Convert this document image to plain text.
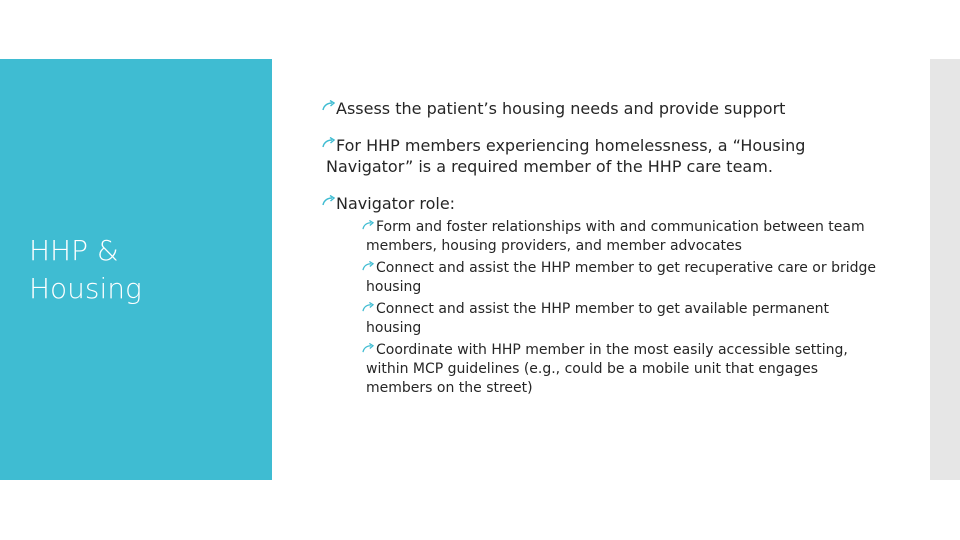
HHP &
Housing
Assess the patient’s housing needs and provide support
For HHP members experiencing homelessness, a “Housing Navigator” is a required member of the HHP care team.
Navigator role:
Form and foster relationships with and communication between team members, housing providers, and member advocates
Connect and assist the HHP member to get recuperative care or bridge housing
Connect and assist the HHP member to get available permanent housing
Coordinate with HHP member in the most easily accessible setting, within MCP guidelines (e.g., could be a mobile unit that engages members on the street)
